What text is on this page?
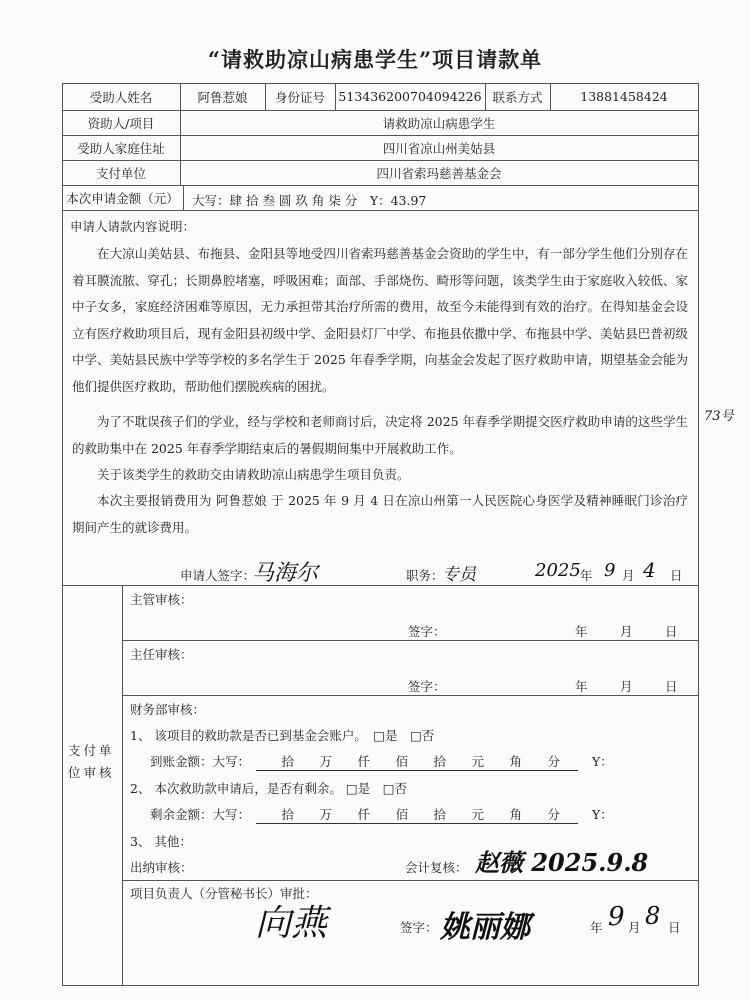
“请救助凉山病患学生”项目请款单
受助人姓名	阿鲁惹娘	身份证号	513436200704094226 联系方式	13881458424
资助人/项目	请救助凉山病患学生
受助人家庭住址	四川省凉山州美姑县
支付单位	四川省索玛慈善基金会
本次申请金额（元）	大写：肆 拾 叁 圆 玖 角 柒 分　Y：43.97
申请人请款内容说明：
在大凉山美姑县、布拖县、金阳县等地受四川省索玛慈善基金会资助的学生中，有一部分学生他们分别存在着耳膜流脓、穿孔；长期鼻腔堵塞，呼吸困难；面部、手部烧伤、畸形等问题，该类学生由于家庭收入较低、家中子女多，家庭经济困难等原因，无力承担带其治疗所需的费用，故至今未能得到有效的治疗。在得知基金会设立有医疗救助项目后，现有金阳县初级中学、金阳县灯厂中学、布拖县依撒中学、布拖县中学、美姑县巴普初级中学、美姑县民族中学等学校的多名学生于 2025 年春季学期，向基金会发起了医疗救助申请，期望基金会能为他们提供医疗救助，帮助他们摆脱疾病的困扰。
为了不耽误孩子们的学业，经与学校和老师商讨后，决定将 2025 年春季学期提交医疗救助申请的这些学生的救助集中在 2025 年春季学期结束后的暑假期间集中开展救助工作。
关于该类学生的救助交由请救助凉山病患学生项目负责。
本次主要报销费用为 阿鲁惹娘 于 2025 年 9 月 4 日在凉山州第一人民医院心身医学及精神睡眠门诊治疗期间产生的就诊费用。
73号
申请人签字：
马海尔	职务：
专员	2025 年 9 月 4 日
支付单位审核
主管审核：
签字：	年	月	日
主任审核：
签字：	年	月	日
财务部审核：
1、 该项目的救助款是否已到基金会账户。　□是　□否
到账金额：大写：	拾 万 仟 佰 拾 元 角 分	Y：
2、 本次救助款申请后，是否有剩余。 □是　□否
剩余金额：大写：	拾 万 仟 佰 拾 元 角 分	Y：
3、 其他：
出纳审核：	会计复核： 赵薇 2025.9.8
项目负责人（分管秘书长）审批：
向燕	签字： 姚丽娜	年 9 月 8 日
